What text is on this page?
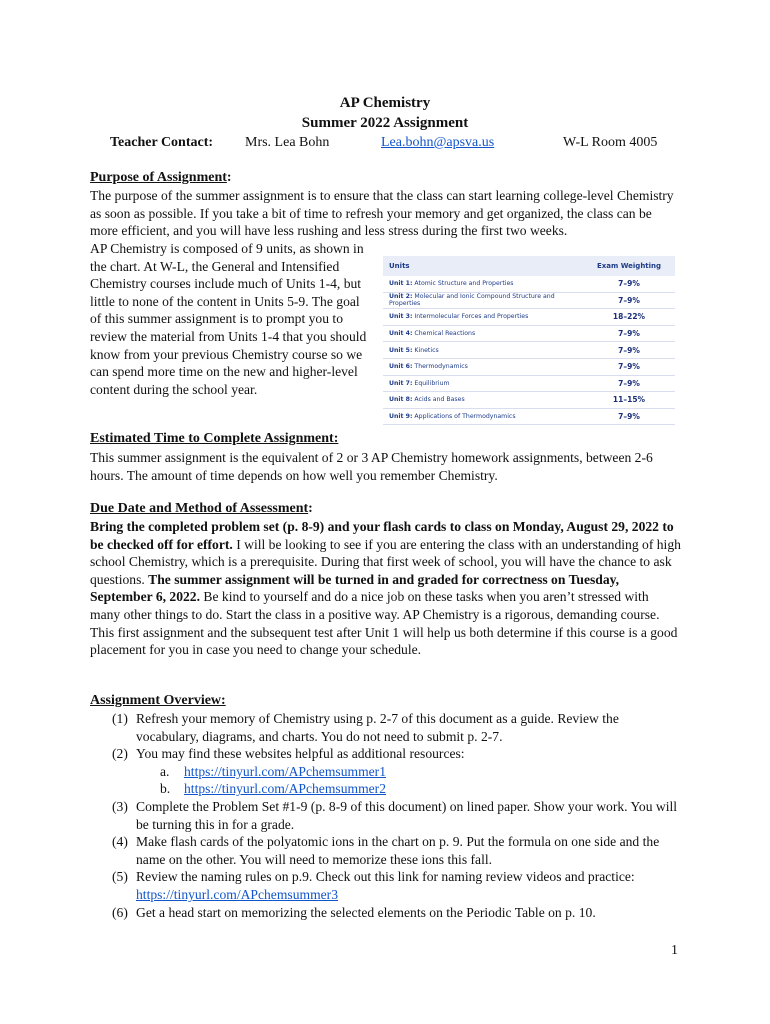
AP Chemistry
Summer 2022 Assignment
Teacher Contact: Mrs. Lea Bohn	Lea.bohn@apsva.us	W-L Room 4005
Purpose of Assignment:

The purpose of the summer assignment is to ensure that the class can start learning college-level Chemistry as soon as possible. If you take a bit of time to refresh your memory and get organized, the class can be more efficient, and you will have less rushing and less stress during the first two weeks.

AP Chemistry is composed of 9 units, as shown in the chart. At W-L, the General and Intensified Chemistry courses include much of Units 1-4, but little to none of the content in Units 5-9. The goal of this summer assignment is to prompt you to review the material from Units 1-4 that you should know from your previous Chemistry course so we can spend more time on the new and higher-level content during the school year.

Units	Exam Weighting
Unit 1: Atomic Structure and Properties	7–9%
Unit 2: Molecular and Ionic Compound Structure and Properties	7–9%
Unit 3: Intermolecular Forces and Properties	18–22%
Unit 4: Chemical Reactions	7–9%
Unit 5: Kinetics	7–9%
Unit 6: Thermodynamics	7–9%
Unit 7: Equilibrium	7–9%
Unit 8: Acids and Bases	11–15%
Unit 9: Applications of Thermodynamics	7–9%
Estimated Time to Complete Assignment:

This summer assignment is the equivalent of 2 or 3 AP Chemistry homework assignments, between 2-6 hours. The amount of time depends on how well you remember Chemistry.

Due Date and Method of Assessment:

Bring the completed problem set (p. 8-9) and your flash cards to class on Monday, August 29, 2022 to be checked off for effort. I will be looking to see if you are entering the class with an understanding of high school Chemistry, which is a prerequisite. During that first week of school, you will have the chance to ask questions. The summer assignment will be turned in and graded for correctness on Tuesday, September 6, 2022. Be kind to yourself and do a nice job on these tasks when you aren’t stressed with many other things to do. Start the class in a positive way. AP Chemistry is a rigorous, demanding course. This first assignment and the subsequent test after Unit 1 will help us both determine if this course is a good placement for you in case you need to change your schedule.

Assignment Overview:
(1) Refresh your memory of Chemistry using p. 2-7 of this document as a guide. Review the vocabulary, diagrams, and charts. You do not need to submit p. 2-7.
(2) You may find these websites helpful as additional resources:
a. https://tinyurl.com/APchemsummer1
b. https://tinyurl.com/APchemsummer2
(3) Complete the Problem Set #1-9 (p. 8-9 of this document) on lined paper. Show your work. You will be turning this in for a grade.
(4) Make flash cards of the polyatomic ions in the chart on p. 9. Put the formula on one side and the name on the other. You will need to memorize these ions this fall.
(5) Review the naming rules on p.9. Check out this link for naming review videos and practice:
https://tinyurl.com/APchemsummer3
(6) Get a head start on memorizing the selected elements on the Periodic Table on p. 10.
1
